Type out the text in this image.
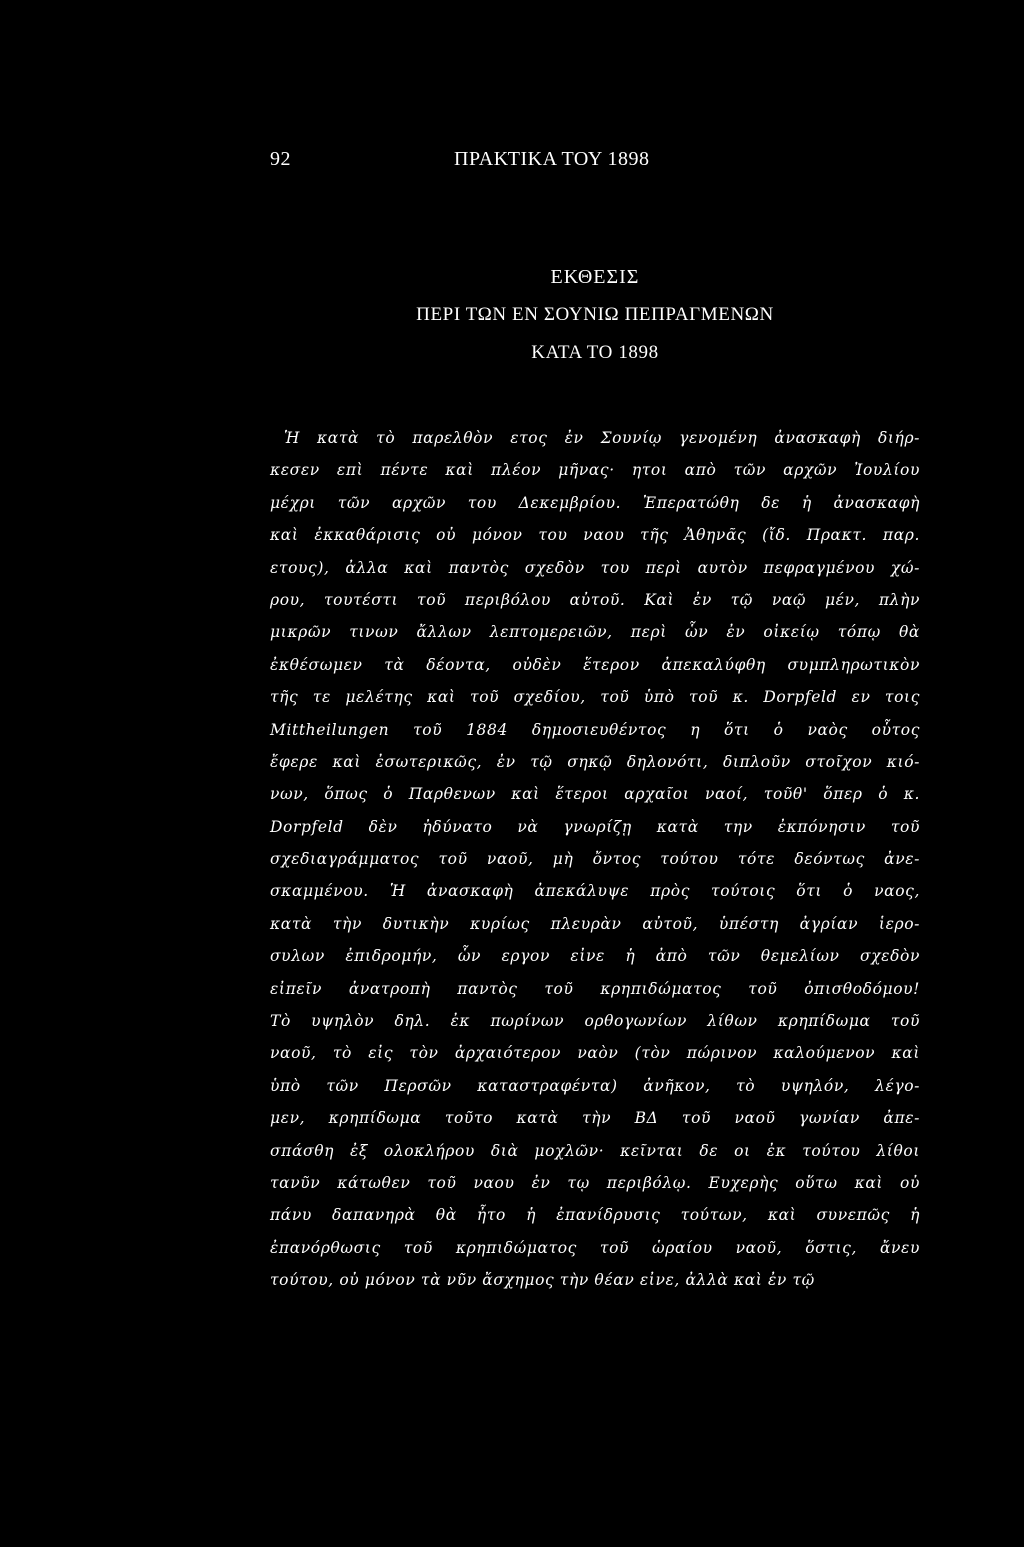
92	ΠΡΑΚΤΙΚΑ ΤΟΥ 1898
ΕΚΘΕΣΙΣ
ΠΕΡΙ ΤΩΝ ΕΝ ΣΟΥΝΙΩ ΠΕΠΡΑΓΜΕΝΩΝ
ΚΑΤΑ ΤΟ 1898
Ἡ κατὰ τὸ παρελθὸν ετος ἐν Σουνίῳ γενομένη ἀνασκαφὴ διήρ-
κεσεν επὶ πέντε καὶ πλέον μῆνας· ητοι απὸ τῶν αρχῶν Ἰουλίου
μέχρι τῶν αρχῶν του Δεκεμβρίου. Ἐπερατώθη δε ἡ ἀνασκαφὴ
καὶ ἐκκαθάρισις οὐ μόνον του ναου τῆς Ἀθηνᾶς (ἴδ. Πρακτ. παρ.
ετους), ἀλλα καὶ παντὸς σχεδὸν του περὶ αυτὸν πεφραγμένου χώ-
ρου, τουτέστι τοῦ περιβόλου αὐτοῦ. Καὶ ἐν τῷ ναῷ μέν, πλὴν
μικρῶν τινων ἄλλων λεπτομερειῶν, περὶ ὧν ἐν οἰκείῳ τόπῳ θὰ
ἐκθέσωμεν τὰ δέοντα, οὐδὲν ἕτερον ἀπεκαλύφθη συμπληρωτικὸν
τῆς τε μελέτης καὶ τοῦ σχεδίου, τοῦ ὑπὸ τοῦ κ. Dorpfeld εν τοις
Mittheilungen τοῦ 1884 δημοσιευθέντος η ὅτι ὁ ναὸς οὗτος
ἔφερε καὶ ἐσωτερικῶς, ἐν τῷ σηκῷ δηλονότι, διπλοῦν στοῖχον κιό-
νων, ὅπως ὁ Παρθενων καὶ ἕτεροι αρχαῖοι ναοί, τοῦθ' ὅπερ ὁ κ.
Dorpfeld δὲν ἠδύνατο νὰ γνωρίζῃ κατὰ την ἐκπόνησιν τοῦ
σχεδιαγράμματος τοῦ ναοῦ, μὴ ὄντος τούτου τότε δεόντως ἀνε-
σκαμμένου. Ἡ ἀνασκαφὴ ἀπεκάλυψε πρὸς τούτοις ὅτι ὁ ναος,
κατὰ τὴν δυτικὴν κυρίως πλευρὰν αὐτοῦ, ὑπέστη ἀγρίαν ἱερο-
συλων ἐπιδρομήν, ὧν εργον εἰνε ἡ ἀπὸ τῶν θεμελίων σχεδὸν
εἰπεῖν ἀνατροπὴ παντὸς τοῦ κρηπιδώματος τοῦ ὀπισθοδόμου!
Τὸ υψηλὸν δηλ. ἐκ πωρίνων ορθογωνίων λίθων κρηπίδωμα τοῦ
ναοῦ, τὸ εἰς τὸν ἀρχαιότερον ναὸν (τὸν πώρινον καλούμενον καὶ
ὑπὸ τῶν Περσῶν καταστραφέντα) ἀνῆκον, τὸ υψηλόν, λέγο-
μεν, κρηπίδωμα τοῦτο κατὰ τὴν ΒΔ τοῦ ναοῦ γωνίαν ἀπε-
σπάσθη ἐξ ολοκλήρου διὰ μοχλῶν· κεῖνται δε οι ἐκ τούτου λίθοι
τανῦν κάτωθεν τοῦ ναου ἐν τῳ περιβόλῳ. Ευχερὴς οὕτω καὶ οὐ
πάνυ δαπανηρὰ θὰ ἦτο ἡ ἐπανίδρυσις τούτων, καὶ συνεπῶς ἡ
ἐπανόρθωσις τοῦ κρηπιδώματος τοῦ ὡραίου ναοῦ, ὅστις, ἄνευ
τούτου, οὐ μόνον τὰ νῦν ἄσχημος τὴν θέαν εἰνε, ἀλλὰ καὶ ἐν τῷ
